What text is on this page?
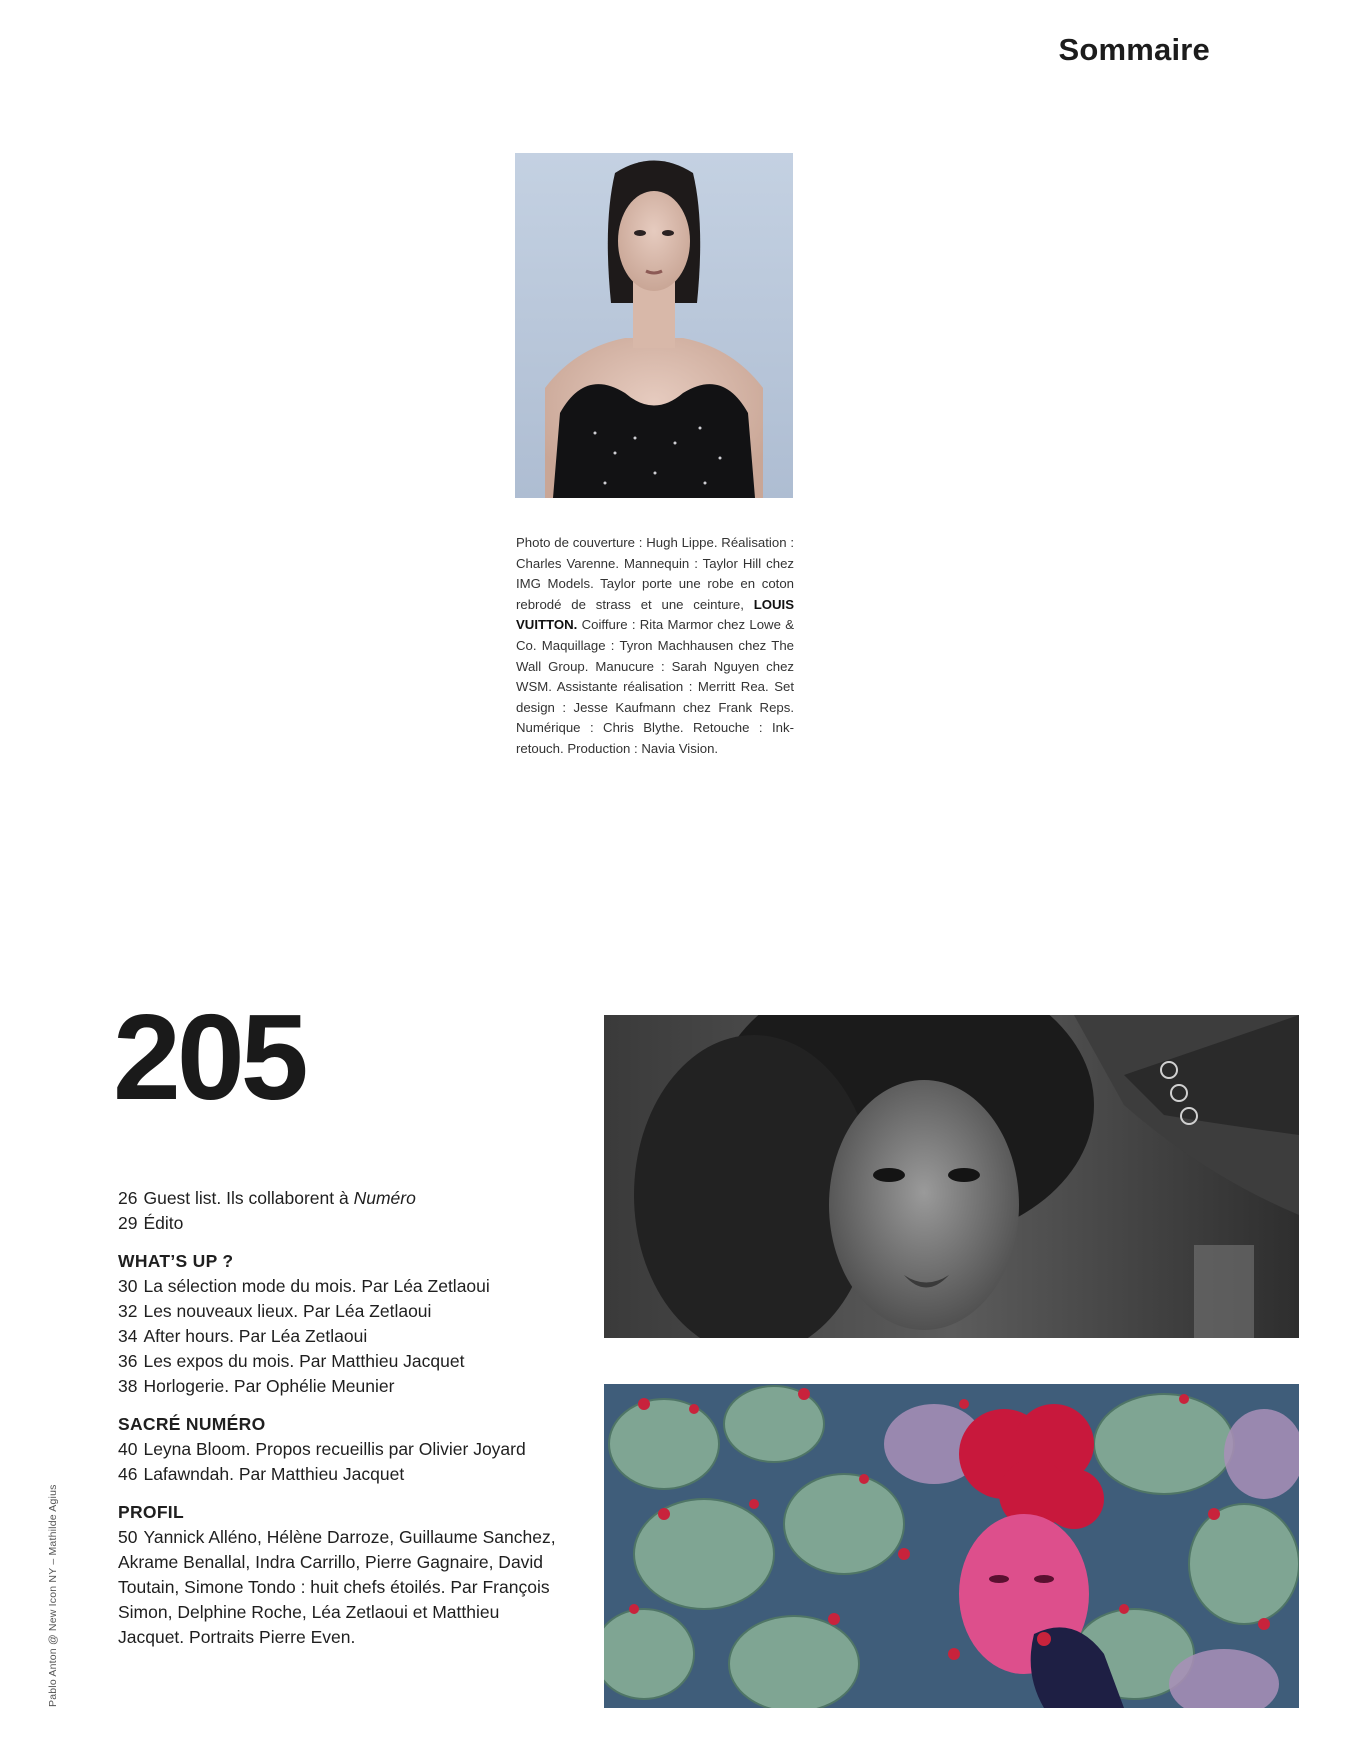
Sommaire
Photo de couverture : Hugh Lippe. Réalisation : Charles Varenne. Mannequin : Taylor Hill chez IMG Models. Taylor porte une robe en coton rebrodé de strass et une ceinture, LOUIS VUITTON. Coiffure : Rita Marmor chez Lowe & Co. Maquillage : Tyron Machhausen chez The Wall Group. Manucure : Sarah Nguyen chez WSM. Assistante réalisation : Merritt Rea. Set design : Jesse Kaufmann chez Frank Reps. Numérique : Chris Blythe. Retouche : Ink-retouch. Production : Navia Vision.
205

26 Guest list. Ils collaborent à Numéro

29 Édito

WHAT’S UP ?

30 La sélection mode du mois. Par Léa Zetlaoui

32 Les nouveaux lieux. Par Léa Zetlaoui

34 After hours. Par Léa Zetlaoui

36 Les expos du mois. Par Matthieu Jacquet

38 Horlogerie. Par Ophélie Meunier

SACRÉ NUMÉRO

40 Leyna Bloom. Propos recueillis par Olivier Joyard

46 Lafawndah. Par Matthieu Jacquet

PROFIL

50 Yannick Alléno, Hélène Darroze, Guillaume Sanchez, Akrame Benallal, Indra Carrillo, Pierre Gagnaire, David Toutain, Simone Tondo : huit chefs étoilés. Par François Simon, Delphine Roche, Léa Zetlaoui et Matthieu Jacquet. Portraits Pierre Even.

Pablo Anton @ New Icon NY – Mathilde Agius
